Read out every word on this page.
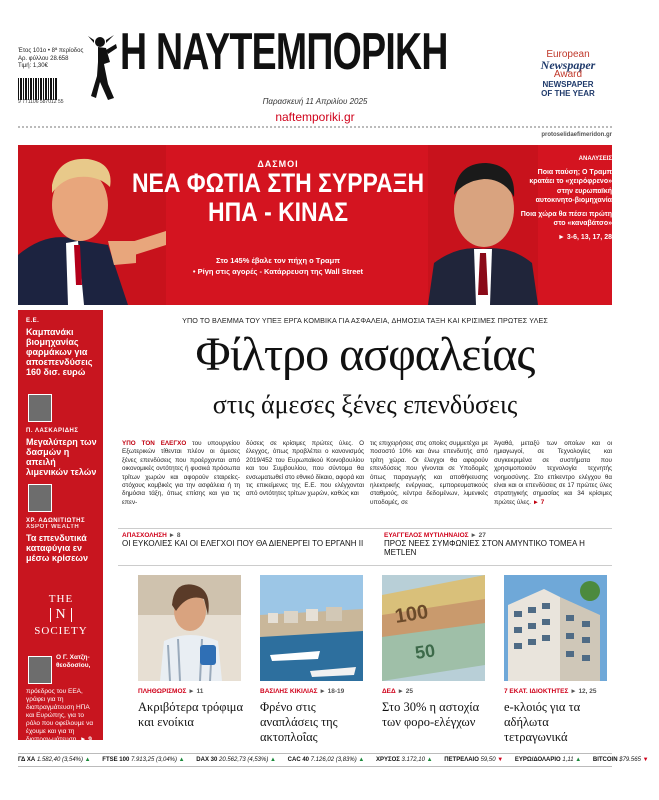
Έτος 101ο • 8ª περίοδος
Αρ. φύλλου 28.658
Τιμή: 1,30€
9 771106 587012 55
Η ΝΑΥΤΕΜΠΟΡΙΚΗ	European
Newspaper
Award
NEWSPAPER
OF THE YEAR
Παρασκευή 11 Απριλίου 2025
naftemporiki.gr
protoselidaefimeridon.gr
ΔΑΣΜΟΙ
ΝΕΑ ΦΩΤΙΑ ΣΤΗ ΣΥΡΡΑΞΗ
ΗΠΑ - ΚΙΝΑΣ
Στο 145% έβαλε τον πήχη ο Τραμπ
• Ρίγη στις αγορές - Κατάρρευση της Wall Street
ΑΝΑΛΥΣΕΙΣ
Ποια παύση; Ο Τραμπ κρατάει το «χειρόφρενο» στην ευρωπαϊκή αυτοκινητο-βιομηχανία
Ποια χώρα θα πέσει πρώτη στο «καναβάτσο»
► 3-6, 13, 17, 28
Ε.Ε.
Καμπανάκι βιομηχανίας φαρμάκων για αποεπενδύσεις 160 δισ. ευρώ
Π. ΛΑΣΚΑΡΙΔΗΣ
Μεγαλύτερη των δασμών η απειλή λιμενικών τελών
ΧΡ. ΑΔΩΝΙΤΙΩΤΗΣ
XSPOT WEALTH
Τα επενδυτικά καταφύγια εν μέσω κρίσεων
THE
N
SOCIETY
Ο Γ. Χατζη-θεοδοσίου,
πρόεδρος του ΕΕΑ, γράφει για τη διαπραγμάτευση ΗΠΑ και Ευρώπης, για το ρόλο που οφείλουμε να έχουμε και για τη διαπραγ-μάτευση. ► 9
ΥΠΟ ΤΟ ΒΛΕΜΜΑ ΤΟΥ ΥΠΕΞ ΕΡΓΑ ΚΟΜΒΙΚΑ ΓΙΑ ΑΣΦΑΛΕΙΑ, ΔΗΜΟΣΙΑ ΤΑΞΗ ΚΑΙ ΚΡΙΣΙΜΕΣ ΠΡΩΤΕΣ ΥΛΕΣ
Φίλτρο ασφαλείας
στις άμεσες ξένες επενδύσεις
ΥΠΟ ΤΟΝ ΕΛΕΓΧΟ του υπουργείου Εξωτερικών τίθενται πλέον οι άμεσες ξένες επενδύσεις που προέρχονται από οικονομικές οντότητες ή φυσικά πρόσωπα τρίτων χωρών και αφορούν εταιρείες-στόχους κομβικές για την ασφάλεια ή τη δημόσια τάξη, όπως επίσης και για τις επεν-
δύσεις σε κρίσιμες πρώτες ύλες. Ο έλεγχος, όπως προβλέπει ο κανονισμός 2019/452 του Ευρωπαϊκού Κοινοβουλίου και του Συμβουλίου, που σύντομα θα ενσωματωθεί στο εθνικό δίκαιο, αφορά και τις επικείμενες της Ε.Ε. που ελέγχονται από οντότητες τρίτων χωρών, καθώς και
τις επιχειρήσεις στις οποίες συμμετέχει με ποσοστό 10% και άνω επενδυτής από τρίτη χώρα. Οι έλεγχοι θα αφορούν επενδύσεις που γίνονται σε Υποδομές όπως παραγωγής και αποθήκευσης ηλεκτρικής ενέργειας, εμπορευματικούς σταθμούς, κέντρα δεδομένων, λιμενικές υποδομές, σε
Άγαθά, μεταξύ των οποίων και οι ημιαγωγοί, σε Τεχνολογίες και συγκεκριμένα σε συστήματα που χρησιμοποιούν τεχνολογία τεχνητής νοημοσύνης. Στο επίκεντρο ελέγχου θα είναι και οι επενδύσεις σε 17 πρώτες ύλες στρατηγικής σημασίας και 34 κρίσιμες πρώτες ύλες. ► 7
ΑΠΑΣΧΟΛΗΣΗ ► 8
ΟΙ ΕΥΚΟΛΙΕΣ ΚΑΙ ΟΙ ΕΛΕΓΧΟΙ ΠΟΥ ΘΑ ΔΙΕΝΕΡΓΕΙ ΤΟ ΕΡΓΑΝΗ ΙΙ
ΕΥΑΓΓΕΛΟΣ ΜΥΤΙΛΗΝΑΙΟΣ ► 27
ΠΡΟΣ ΝΕΕΣ ΣΥΜΦΩΝΙΕΣ ΣΤΟΝ ΑΜΥΝΤΙΚΟ ΤΟΜΕΑ Η METLEN
100
50
ΠΛΗΘΩΡΙΣΜΟΣ ► 11	ΒΑΣΙΛΗΣ ΚΙΚΙΛΙΑΣ ► 18-19	ΔΕΔ ► 25	7 ΕΚΑΤ. ΙΔΙΟΚΤΗΤΕΣ ► 12, 25
Ακριβότερα τρόφιμα και ενοίκια
Φρένο στις αναπλάσεις της ακτοπλοΐας
Στο 30% η αστοχία των φορο-ελέγχων
e-κλοιός για τα αδήλωτα τετραγωνικά
ΓΔ ΧΑ 1.582,40 (3,54%) ▲ FTSE 100 7.913,25 (3,04%) ▲ DAX 30 20.562,73 (4,53%) ▲ CAC 40 7.126,02 (3,83%) ▲ ΧΡΥΣΟΣ 3.172,10 ▲ ΠΕΤΡΕΛΑΙΟ 59,50 ▼ ΕΥΡΩ/ΔΟΛΑΡΙΟ 1,11 ▲ BITCOIN $79.565 ▼
